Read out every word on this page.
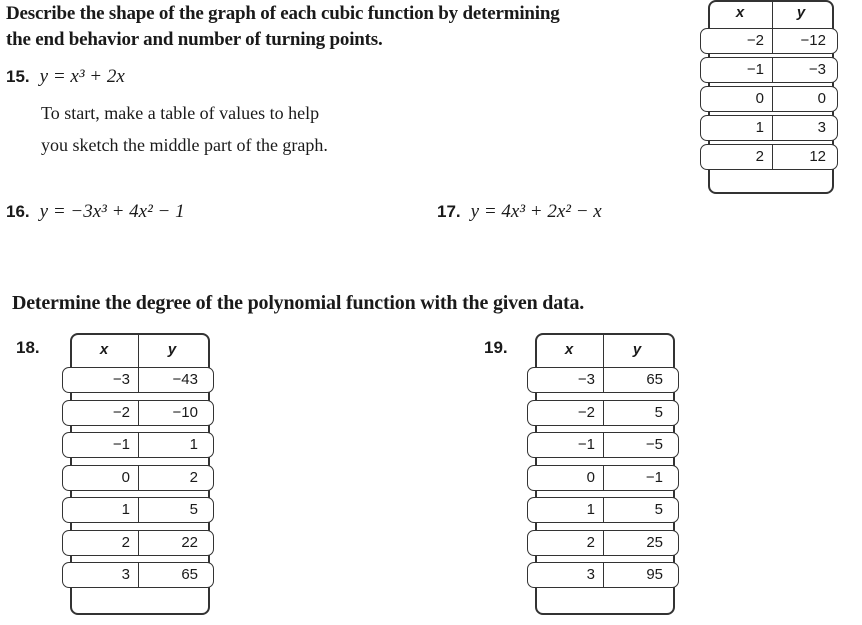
Describe the shape of the graph of each cubic function by determining
the end behavior and number of turning points.
15. y = x³ + 2x
To start, make a table of values to help
you sketch the middle part of the graph.
x	y
−2	−12
−1	−3
0	0
1	3
2	12
16. y = −3x³ + 4x² − 1	17. y = 4x³ + 2x² − x
Determine the degree of the polynomial function with the given data.
18.	x	y
−3	−43
−2	−10
−1	1
0	2
1	5
2	22
3	65
19.	x	y
−3	65
−2	5
−1	−5
0	−1
1	5
2	25
3	95
